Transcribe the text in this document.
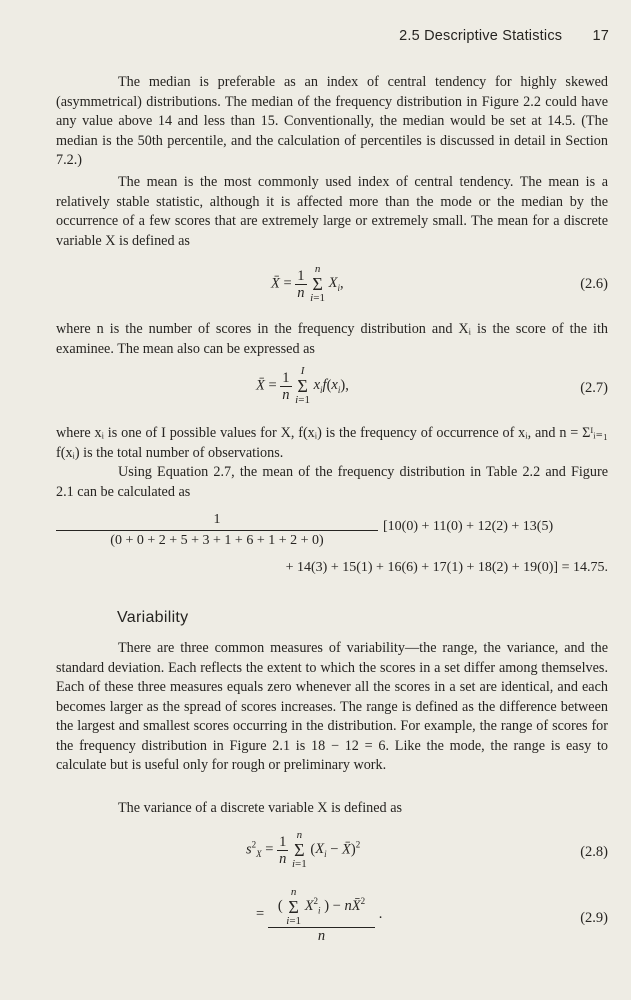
2.5 Descriptive Statistics 17

The median is preferable as an index of central tendency for highly skewed (asymmetrical) distributions. The median of the frequency distribution in Figure 2.2 could have any value above 14 and less than 15. Conventionally, the median would be set at 14.5. (The median is the 50th percentile, and the calculation of percentiles is discussed in detail in Section 7.2.)

The mean is the most commonly used index of central tendency. The mean is a relatively stable statistic, although it is affected more than the mode or the median by the occurrence of a few scores that are extremely large or extremely small. The mean for a discrete variable X is defined as

X̄ = $\frac{1}{n}$ n
Σ
i=1 $X_i$,	(2.6)

where n is the number of scores in the frequency distribution and Xᵢ is the score of the ith examinee. The mean also can be expressed as

X̄ = $\frac{1}{n}$ I
Σ
i=1 $x_if(x_i)$,	(2.7)

where xᵢ is one of I possible values for X, f(xᵢ) is the frequency of occurrence of xᵢ, and n = Σᴵᵢ₌₁ f(xᵢ) is the total number of observations.

Using Equation 2.7, the mean of the frequency distribution in Table 2.2 and Figure 2.1 can be calculated as

1
(0 + 0 + 2 + 5 + 3 + 1 + 6 + 1 + 2 + 0)
[10(0) + 11(0) + 12(2) + 13(5)
+ 14(3) + 15(1) + 16(6) + 17(1) + 18(2) + 19(0)] = 14.75.
Variability

There are three common measures of variability—the range, the variance, and the standard deviation. Each reflects the extent to which the scores in a set differ among themselves. Each of these three measures equals zero whenever all the scores in a set are identical, and each becomes larger as the spread of scores increases. The range is defined as the difference between the largest and smallest scores occurring in the distribution. For example, the range of scores for the frequency distribution in Figure 2.1 is 18 − 12 = 6. Like the mode, the range is easy to calculate but is useful only for rough or preliminary work.

The variance of a discrete variable X is defined as

$s^2_X = \frac{1}{n}$ n
Σ
i=1 ($X_i$ − X̄)$^2$	(2.8)
= ( n
Σ
i=1 $X^2_i$ ) − nX̄$^2$
n .	(2.9)
